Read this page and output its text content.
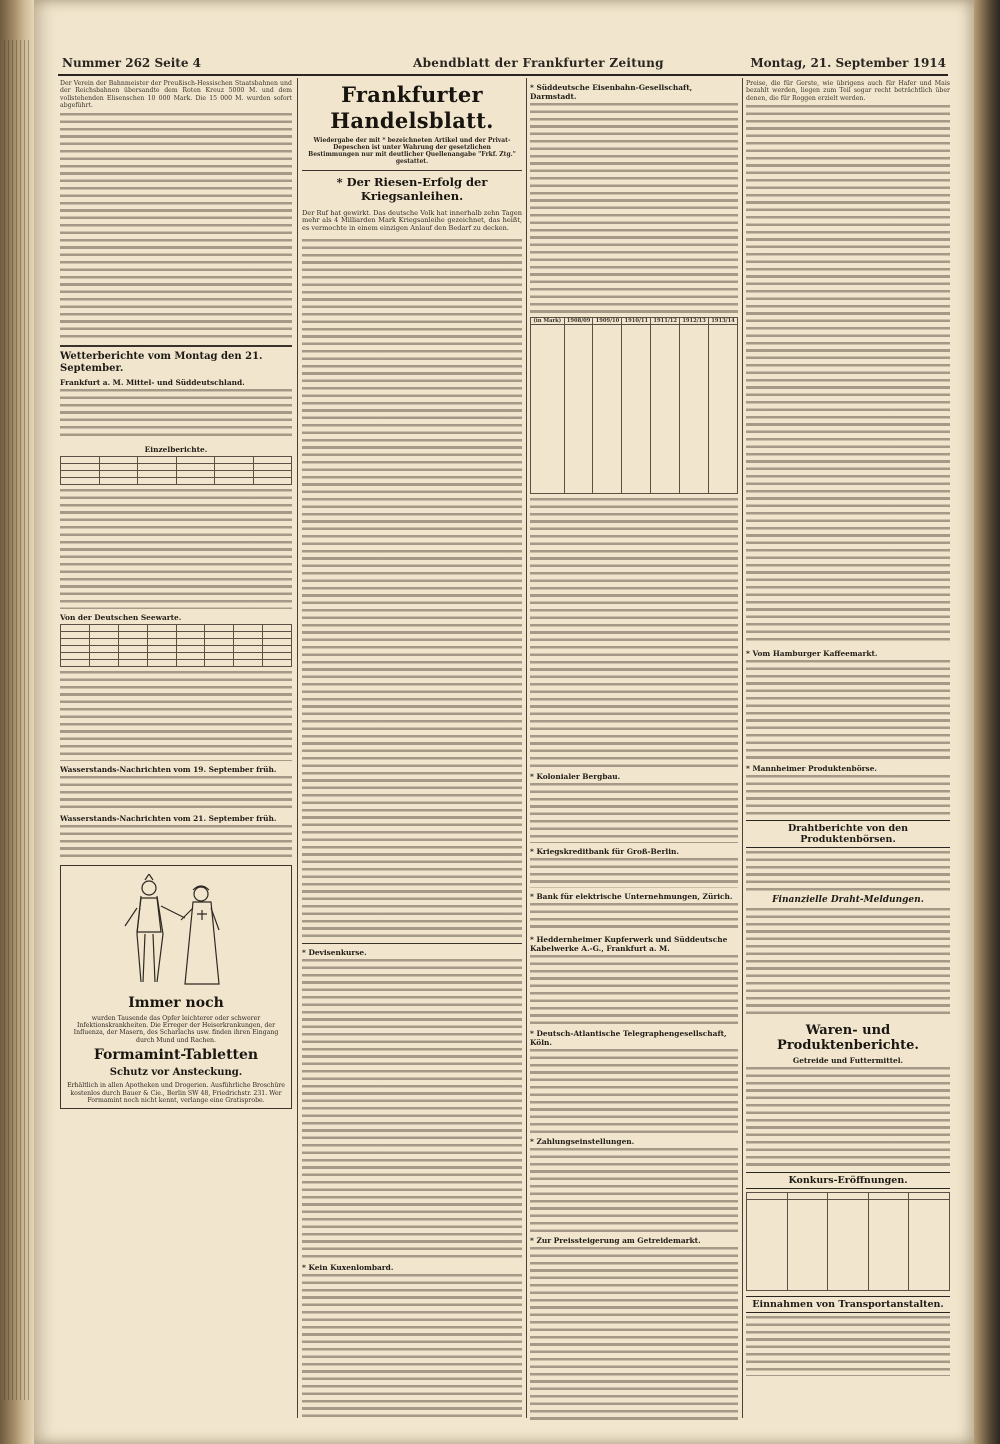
Nummer 262 Seite 4	Abendblatt der Frankfurter Zeitung	Montag, 21. September 1914

Der Verein der Bahnmeister der Preußisch-Hessischen Staatsbahnen und der Reichsbahnen übersandte dem Roten Kreuz 5000 M. und dem vollstehenden Elisenschen 10 000 Mark. Die 15 000 M. wurden sofort abgeführt.

Wetterberichte vom Montag den 21. September.
Frankfurt a. M. Mittel- und Süddeutschland.
Einzelberichte.

Von der Deutschen Seewarte.

Wasserstands-Nachrichten vom 19. September früh.
Wasserstands-Nachrichten vom 21. September früh.
Immer noch
wurden Tausende das Opfer leichterer oder schwerer Infektionskrankheiten. Die Erreger der Heiserkrankungen, der Influenza, der Masern, des Scharlachs usw. finden ihren Eingang durch Mund und Rachen.
Formamint-Tabletten
Schutz vor Ansteckung.
Erhältlich in allen Apotheken und Drogerien. Ausführliche Broschüre kostenlos durch Bauer & Cie., Berlin SW 48, Friedrichstr. 231. Wer Formamint noch nicht kennt, verlange eine Gratisprobe.
Frankfurter Handelsblatt.
Wiedergabe der mit * bezeichneten Artikel und der Privat-Depeschen ist unter Wahrung der gesetzlichen Bestimmungen nur mit deutlicher Quellenangabe "Frkf. Ztg." gestattet.
* Der Riesen-Erfolg der Kriegsanleihen.

Der Ruf hat gewirkt. Das deutsche Volk hat innerhalb zehn Tagen mehr als 4 Milliarden Mark Kriegsanleihe gezeichnet, das heißt, es vermochte in einem einzigen Anlauf den Bedarf zu decken.

* Devisenkurse.
* Kein Kuxenlombard.
* Süddeutsche Eisenbahn-Gesellschaft, Darmstadt.
(in Mark)	1908/09	1909/10	1910/11	1911/12	1912/13	1913/14

* Kolonialer Bergbau.
* Kriegskreditbank für Groß-Berlin.
* Bank für elektrische Unternehmungen, Zürich.
* Heddernheimer Kupferwerk und Süddeutsche Kabelwerke A.-G., Frankfurt a. M.
* Deutsch-Atlantische Telegraphengesellschaft, Köln.
* Zahlungseinstellungen.
* Zur Preissteigerung am Getreidemarkt.

Preise, die für Gerste, wie übrigens auch für Hafer und Mais bezahlt werden, liegen zum Teil sogar recht beträchtlich über denen, die für Roggen erzielt werden.

* Vom Hamburger Kaffeemarkt.
* Mannheimer Produktenbörse.
Drahtberichte von den Produktenbörsen.
Finanzielle Draht-Meldungen.
Waren- und Produktenberichte.
Getreide und Futtermittel.
Konkurs-Eröffnungen.

Einnahmen von Transportanstalten.
